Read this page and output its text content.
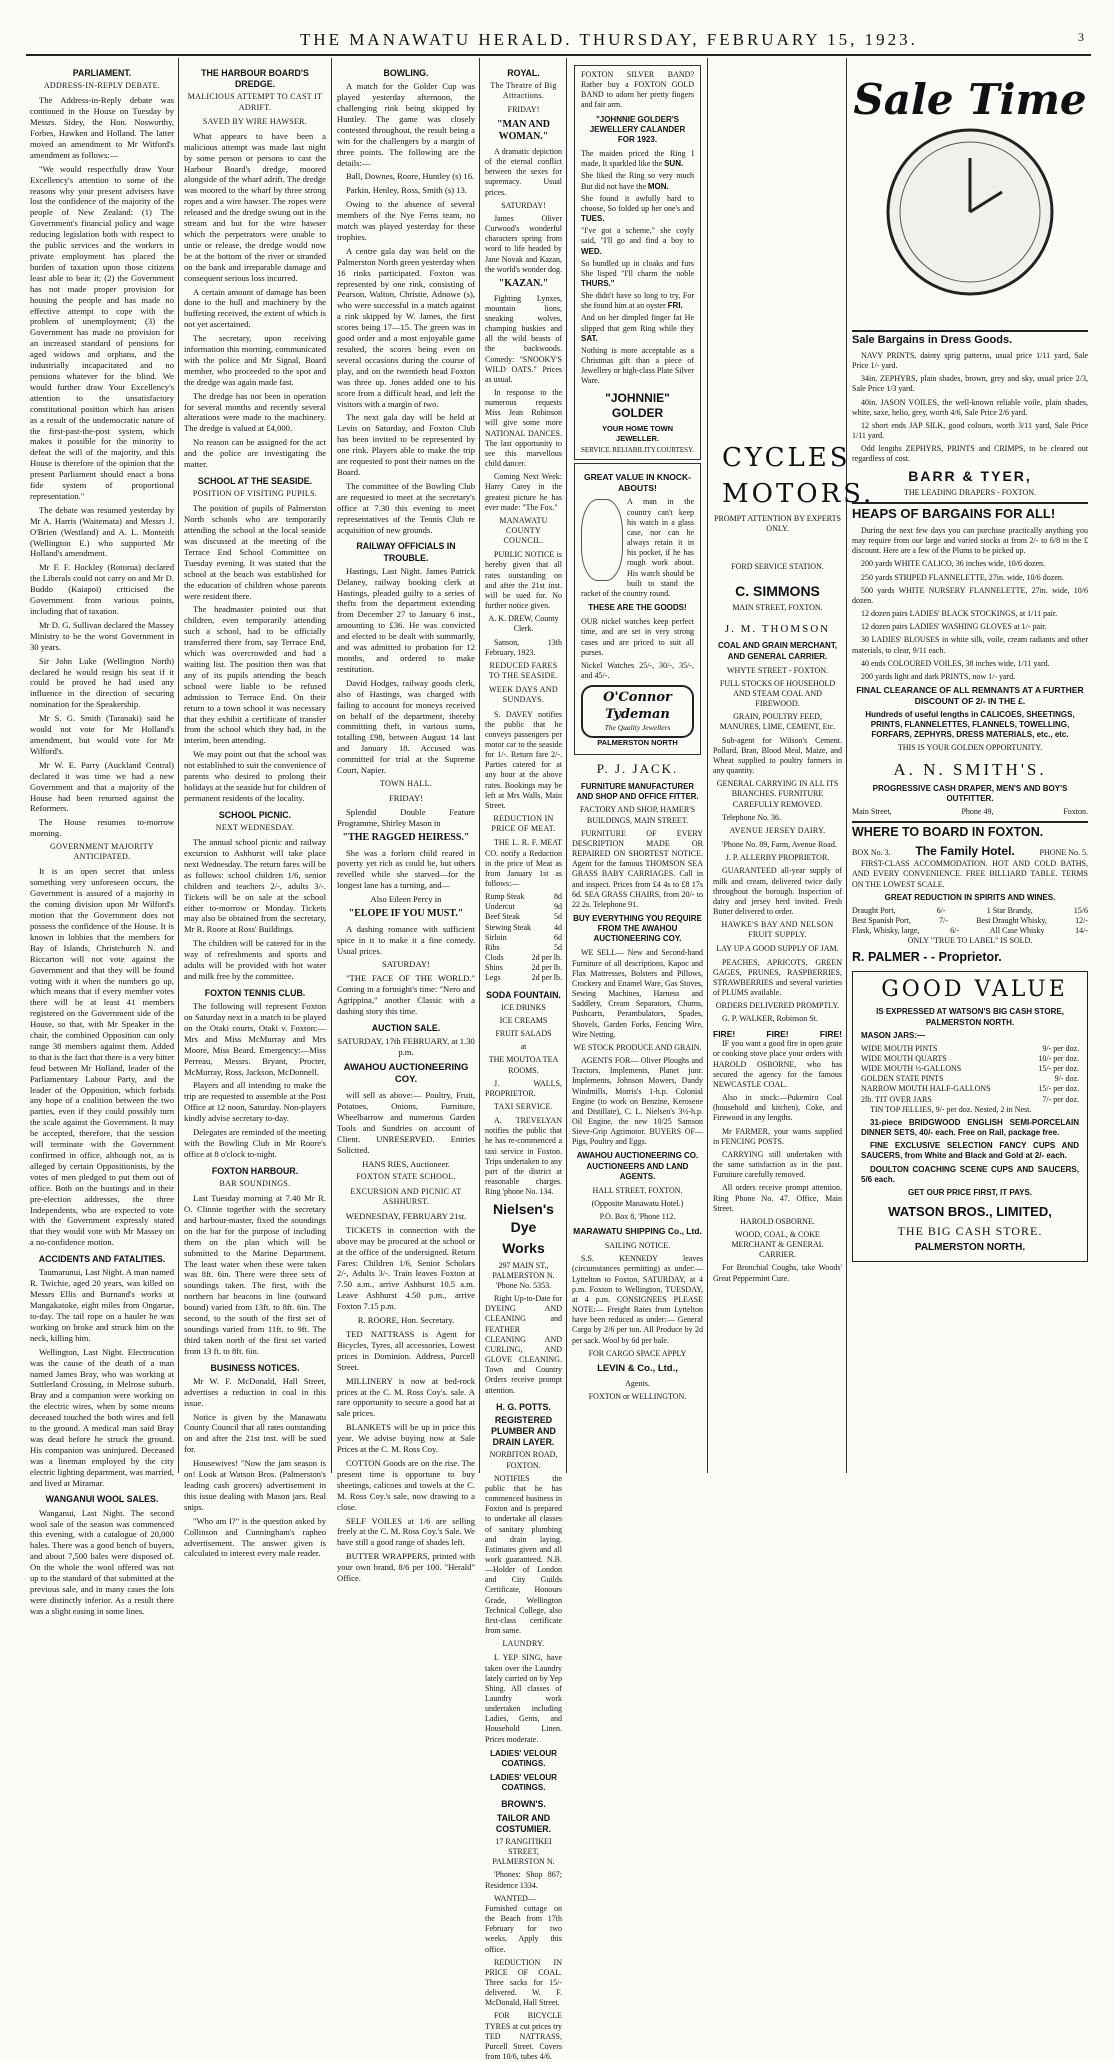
THE MANAWATU HERALD. THURSDAY, FEBRUARY 15, 1923.	3

PARLIAMENT.

ADDRESS-IN-REPLY DEBATE.

The Address-in-Reply debate was continued in the House on Tuesday by Messrs. Sidey, the Hon. Nosworthy, Forbes, Hawken and Holland. The latter moved an amendment to Mr Witford's amendment as follows:—

"We would respectfully draw Your Excellency's attention to some of the reasons why your present advisers have lost the confidence of the majority of the people of New Zealand: (1) The Government's financial policy and wage reducing legislation both with respect to the public services and the workers in private employment has placed the burden of taxation upon those citizens least able to bear it; (2) the Government has not made proper provision for housing the people and has made no effective attempt to cope with the problem of unemployment; (3) the Government has made no provision for an increased standard of pensions for aged widows and orphans, and the industrially incapacitated and no pensions whatever for the blind. We would further draw Your Excellency's attention to the unsatisfactory constitutional position which has arisen as a result of the undemocratic nature of the first-past-the-post system, which makes it possible for the minority to defeat the will of the majority, and this House is therefore of the opinion that the present Parliament should enact a bona fide system of proportional representation."

The debate was resumed yesterday by Mr A. Harris (Waitemata) and Messrs J. O'Brien (Westland) and A. L. Monteith (Wellington E.) who supported Mr Holland's amendment.

Mr F. F. Hockley (Rotorua) declared the Liberals could not carry on and Mr D. Buddo (Kaiapoi) criticised the Government from various points, including that of taxation.

Mr D. G. Sullivan declared the Massey Ministry to be the worst Government in 30 years.

Sir John Luke (Wellington North) declared he would resign his seat if it could be proved he had used any influence in the direction of securing nomination for the Speakership.

Mr S. G. Smith (Taranaki) said he would not vote for Mr Holland's amendment, but would vote for Mr Wilford's.

Mr W. E. Parry (Auckland Central) declared it was time we had a new Government and that a majority of the House had been returned against the Reformers.

The House resumes to-morrow morning.

GOVERNMENT MAJORITY ANTICIPATED.

It is an open secret that unless something very unforeseen occurs, the Government is assured of a majority in the coming division upon Mr Wilford's motion that the Government does not possess the confidence of the House. It is known in lobbies that the members for Bay of Islands, Christchurch N. and Riccarton will not vote against the Government and that they will be found voting with it when the numbers go up, which means that if every member votes there will be at least 41 members registered on the Government side of the House, so that, with Mr Speaker in the chair, the combined Opposition can only range 38 members against them. Added to that is the fact that there is a very bitter feud between Mr Holland, leader of the Parliamentary Labour Party, and the leader of the Opposition, which forbids any hope of a coalition between the two parties, even if they could possibly turn the scale against the Government. It may be accepted, therefore, that the session will terminate with the Government confirmed in office, although not, as is alleged by certain Oppositionists, by the votes of men pledged to put them out of office. Both on the hustings and in their pre-election addresses, the three Independents, who are expected to vote with the Government expressly stated that they would vote with Mr Massey on a no-confidence motion.

ACCIDENTS AND FATALITIES.

Taumarunui, Last Night. A man named R. Twichie, aged 20 years, was killed on Messrs Ellis and Burnand's works at Mangakatoke, eight miles from Ongarue, to-day. The tail rope on a hauler he was working on broke and struck him on the neck, killing him.

Wellington, Last Night. Electrocution was the cause of the death of a man named James Bray, who was working at Suttlerland Crossing, in Melrose suburb. Bray and a companion were working on the electric wires, when by some means deceased touched the both wires and fell to the ground. A medical man said Bray was dead before he struck the ground. His companion was uninjured. Deceased was a lineman employed by the city electric lighting department, was married, and lived at Miramar.

WANGANUI WOOL SALES.

Wanganui, Last Night. The second wool sale of the season was commenced this evening, with a catalogue of 20,000 bales. There was a good bench of buyers, and about 7,500 bales were disposed of. On the whole the wool offered was not up to the standard of that submitted at the previous sale, and in many cases the lots were distinctly inferior. As a result there was a slight easing in some lines.

THE HARBOUR BOARD'S DREDGE.

MALICIOUS ATTEMPT TO CAST IT ADRIFT.

SAVED BY WIRE HAWSER.

What appears to have been a malicious attempt was made last night by some person or persons to cast the Harbour Board's dredge, moored alongside of the wharf adrift. The dredge was moored to the wharf by three strong ropes and a wire hawser. The ropes were released and the dredge swung out in the stream and but for the wire hawser which the perpetrators were unable to untie or release, the dredge would now be at the bottom of the river or stranded on the bank and irreparable damage and consequent serious loss incurred.

A certain amount of damage has been done to the hull and machinery by the buffeting received, the extent of which is not yet ascertained.

The secretary, upon receiving information this morning, communicated with the police and Mr Signal, Board member, who proceeded to the spot and the dredge was again made fast.

The dredge has not been in operation for several months and recently several alterations were made to the machinery. The dredge is valued at £4,000.

No reason can be assigned for the act and the police are investigating the matter.

SCHOOL AT THE SEASIDE.

POSITION OF VISITING PUPILS.

The position of pupils of Palmerston North schools who are temporarily attending the school at the local seaside was discussed at the meeting of the Terrace End School Committee on Tuesday evening. It was stated that the school at the beach was established for the education of children whose parents were resident there.

The headmaster pointed out that children, even temporarily attending such a school, had to be officially transferred there from, say Terrace End, which was overcrowded and had a waiting list. The position then was that any of its pupils attending the beach school were liable to be refused admission to Terrace End. On their return to a town school it was necessary that they exhibit a certificate of transfer from the school which they had, in the interim, been attending.

We may point out that the school was not established to suit the convenience of parents who desired to prolong their holidays at the seaside but for children of permanent residents of the locality.

SCHOOL PICNIC.

NEXT WEDNESDAY.

The annual school picnic and railway excursion to Ashhurst will take place next Wednesday. The return fares will be as follows: school children 1/6, senior children and teachers 2/-, adults 3/-. Tickets will be on sale at the school either to-morrow or Monday. Tickets may also be obtained from the secretary, Mr R. Roore at Ross' Buildings.

The children will be catered for in the way of refreshments and sports and adults will be provided with hot water and milk free by the committee.

FOXTON TENNIS CLUB.

The following will represent Foxton on Saturday next in a match to be played on the Otaki courts, Otaki v. Foxton:—Mrs and Miss McMurray and Mrs Moore, Miss Beard. Emergency:—Miss Perreau, Messrs. Bryant, Procter, McMurray, Ross, Jackson, McDonnell.

Players and all intending to make the trip are requested to assemble at the Post Office at 12 noon, Saturday. Non-players kindly advise secretary to-day.

Delegates are reminded of the meeting with the Bowling Club in Mr Roore's office at 8 o'clock to-night.

FOXTON HARBOUR.

BAR SOUNDINGS.

Last Tuesday morning at 7.40 Mr R. O. Clinnie together with the secretary and harbour-master, fixed the soundings on the bar for the purpose of including them on the plan which will be submitted to the Marine Department. The least water when these were taken was 8ft. 6in. There were three sets of soundings taken. The first, with the northern bar beacons in line (outward bound) varied from 13ft. to 8ft. 6in. The second, to the south of the first set of soundings varied from 11ft. to 9ft. The third taken north of the first set varied from 13 ft. to 8ft. 6in.

BUSINESS NOTICES.

Mr W. F. McDonald, Hall Street, advertises a reduction in coal in this issue.

Notice is given by the Manawatu County Council that all rates outstanding on and after the 21st inst. will be sued for.

Housewives! "Now the jam season is on! Look at Watson Bros. (Palmerston's leading cash grocers) advertisement in this issue dealing with Mason jars. Real snips.

"Who am I?" is the question asked by Collinson and Cunningham's rapheo advertisement. The answer given is calculated to interest every male reader.

BOWLING.

A match for the Golder Cup was played yesterday afternoon, the challenging rink being skipped by Huntley. The game was closely contested throughout, the result being a win for the challengers by a margin of three points. The following are the details:—

Ball, Downes, Roore, Huntley (s) 16.

Parkin, Henley, Ross, Smith (s) 13.

Owing to the absence of several members of the Nye Ferns team, no match was played yesterday for these trophies.

A centre gala day was held on the Palmerston North green yesterday when 16 rinks participated. Foxton was represented by one rink, consisting of Pearson, Walton, Christie, Adnowe (s), who were successful in a match against a rink skipped by W. James, the first scores being 17—15. The green was in good order and a most enjoyable game resulted, the scores being even on several occasions during the course of play, and on the twentieth head Foxton was three up. Jones added one to his score from a difficult head, and left the visitors with a margin of two.

The next gala day will be held at Levin on Saturday, and Foxton Club has been invited to be represented by one rink. Players able to make the trip are requested to post their names on the Board.

The committee of the Bowling Club are requested to meet at the secretary's office at 7.30 this evening to meet representatives of the Tennis Club re acquisition of new grounds.

RAILWAY OFFICIALS IN TROUBLE.

Hastings, Last Night. James Patrick Delaney, railway booking clerk at Hastings, pleaded guilty to a series of thefts from the department extending from December 27 to January 6 inst., amounting to £36. He was convicted and elected to be dealt with summarily, and was admitted to probation for 12 months, and ordered to make restitution.

David Hodges, railway goods clerk, also of Hastings, was charged with failing to account for moneys received on behalf of the department, thereby committing theft, in various sums, totalling £98, between August 14 last and January 18. Accused was committed for trial at the Supreme Court, Napier.

TOWN HALL.

FRIDAY!

Splendid Double Feature Programme, Shirley Mason in

"THE RAGGED HEIRESS."

She was a forlorn child reared in poverty yet rich as could be, but others revelled while she starved—for the longest lane has a turning, and—

Also Eileen Percy in

"ELOPE IF YOU MUST."

A dashing romance with sufficient spice in it to make it a fine comedy. Usual prices.

SATURDAY!

"THE FACE OF THE WORLD." Coming in a fortnight's time: "Nero and Agrippina," another Classic with a dashing story this time.

AUCTION SALE.

SATURDAY, 17th FEBRUARY, at 1.30 p.m.

AWAHOU AUCTIONEERING COY.

will sell as above:— Poultry, Fruit, Potatoes, Onions, Furniture, Wheelbarrow and numerous Garden Tools and Sundries on account of Client. UNRESERVED. Entries Solicited.

HANS RIES, Auctioneer.

FOXTON STATE SCHOOL.

EXCURSION AND PICNIC AT ASHHURST.

WEDNESDAY, FEBRUARY 21st.

TICKETS in connection with the above may be procured at the school or at the office of the undersigned. Return Fares: Children 1/6, Senior Scholars 2/-, Adults 3/-. Train leaves Foxton at 7.50 a.m., arrive Ashhurst 10.5 a.m. Leave Ashhurst 4.50 p.m., arrive Foxton 7.15 p.m.

R. ROORE, Hon. Secretary.

TED NATTRASS is Agent for Bicycles, Tyres, all accessories, Lowest prices in Dominion. Address, Purcell Street.

MILLINERY is now at bed-rock prices at the C. M. Ross Coy's. sale. A rare opportunity to secure a good hat at sale prices.

BLANKETS will be up in price this year. We advise buying now at Sale Prices at the C. M. Ross Coy.

COTTON Goods are on the rise. The present time is opportune to buy sheetings, calicoes and towels at the C. M. Ross Coy.'s sale, now drawing to a close.

SELF VOILES at 1/6 are selling freely at the C. M. Ross Coy.'s Sale. We have still a good range of shades left.

BUTTER WRAPPERS, printed with your own brand, 8/6 per 100. "Herald" Office.

ROYAL.

The Theatre of Big Attractions.

FRIDAY!

"MAN AND WOMAN."

A dramatic depiction of the eternal conflict between the sexes for supremacy. Usual prices.

SATURDAY!

James Oliver Curwood's wonderful characters spring from word to life headed by Jane Novak and Kazan, the world's wonder dog.

"KAZAN."

Fighting Lynxes, mountain lions, sneaking wolves, champing huskies and all the wild beasts of the backwoods. Comedy: "SNOOKY'S WILD OATS." Prices as usual.

In response to the numerous requests Miss Jean Robinson will give some more NATIONAL DANCES. The last opportunity to see this marvellous child dancer.

Coming Next Week: Harry Carey in the greatest picture he has ever made: "The Fox."

MANAWATU COUNTY COUNCIL.

PUBLIC NOTICE is hereby given that all rates outstanding on and after the 21st inst. will be sued for. No further notice given.

A. K. DREW, County Clerk.

Sanson, 13th February, 1923.

REDUCED FARES TO THE SEASIDE.

WEEK DAYS AND SUNDAYS.

S. DAVEY notifies the public that he conveys passengers per motor car to the seaside for 1/-. Return fare 2/-. Parties catered for at any hour at the above rates. Bookings may be left at Mrs Walls, Main Street.

REDUCTION IN PRICE OF MEAT.

THE L. R. F. MEAT CO. notify a Reduction in the price of Meat as from January 1st as follows:—

Rump Steak	8d
Undercut	9d
Beef Steak	5d
Stewing Steak	4d
Sirloin	6d
Ribs	5d
Clods	2d per lb.
Shins	2d per lb.
Legs	2d per lb.

SODA FOUNTAIN.

ICE DRINKS

ICE CREAMS

FRUIT SALADS

at

THE MOUTOA TEA ROOMS.

J. WALLS, PROPRIETOR.

TAXI SERVICE.

A. TREVELYAN notifies the public that he has re-commenced a taxi service in Foxton. Trips undertaken to any part of the district at reasonable charges. Ring 'phone No. 134.

Nielsen's Dye

Works

297 MAIN ST., PALMERSTON N. 'Phone No. 5353.

Right Up-to-Date for DYEING AND CLEANING and FEATHER CLEANING AND CURLING, AND GLOVE CLEANING. Town and Country Orders receive prompt attention.

H. G. POTTS.

REGISTERED PLUMBER AND DRAIN LAYER.

NORBITON ROAD, FOXTON.

NOTIFIES the public that he has commenced business in Foxton and is prepared to undertake all classes of sanitary plumbing and drain laying. Estimates given and all work guaranteed. N.B.—Holder of London and City Guilds Certificate, Honours Grade, Wellington Technical College, also first-class certificate from same.

LAUNDRY.

L YEP SING, have taken over the Laundry lately carried on by Yep Shing. All classes of Laundry work undertaken including Ladies, Gents, and Household Linen. Prices moderate.

LADIES' VELOUR COATINGS.

LADIES' VELOUR COATINGS.

BROWN'S.

TAILOR AND COSTUMIER.

17 RANGITIKEI STREET, PALMERSTON N.

'Phones: Shop 867; Residence 1334.

WANTED—Furnished cottage on the Beach from 17th February for two weeks. Apply this office.

REDUCTION IN PRICE OF COAL. Three sacks for 15/- delivered. W. F. McDonald, Hall Street.

FOR BICYCLE TYRES at cut prices try TED NATTRASS, Purcell Street. Covers from 10/6, tubes 4/6.

FOXTON SILVER BAND? Rather buy a FOXTON GOLD BAND to adorn her pretty fingers and fair arm.

"JOHNNIE GOLDER'S JEWELLERY CALANDER FOR 1923.

The maiden priced the Ring I made, It sparkled like the SUN.
She liked the Ring so very much But did not have the MON.
She found it awfully hard to choose, So folded up her one's and TUES.
"I've got a scheme," she coyly said, "I'll go and find a boy to WED.
So bundled up in cloaks and furs She lisped "I'll charm the noble THURS."
She didn't have so long to try, For she found him at an oyster FRI.
And on her dimpled finger fat He slipped that gem Ring while they SAT.

Nothing is more acceptable as a Christmas gift than a piece of Jewellery or high-class Plate Silver Ware.

"JOHNNIE" GOLDER

YOUR HOME TOWN JEWELLER.

SERVICE. RELIABILITY COURTESY.

GREAT VALUE IN KNOCK-ABOUTS!

A man in the country can't keep his watch in a glass case, nor can he always retain it in his pocket, if he has rough work about. His watch should be built to stand the racket of the country round.

THESE ARE THE GOODS!

OUR nickel watches keep perfect time, and are set in very strong cases and are priced to suit all purses.

Nickel Watches 25/-, 30/-, 35/-, and 45/-.

O'Connor Tydeman
The Quality Jewellers

PALMERSTON NORTH

P. J. JACK.

FURNITURE MANUFACTURER AND SHOP AND OFFICE FITTER.

FACTORY AND SHOP, HAMER'S BUILDINGS, MAIN STREET.

FURNITURE OF EVERY DESCRIPTION MADE OR REPAIRED ON SHORTEST NOTICE. Agent for the famous THOMSON SEA GRASS BABY CARRIAGES. Call in and inspect. Prices from £4 4s to £8 17s 6d. SEA GRASS CHAIRS, from 20/- to 22 2s. Telephone 91.

BUY EVERYTHING YOU REQUIRE FROM THE AWAHOU AUCTIONEERING COY.

WE SELL— New and Second-hand Furniture of all descriptions, Kapoc and Flax Mattresses, Bolsters and Pillows, Crockery and Enamel Ware, Gas Stoves, Sewing Machines, Harness and Saddlery, Cream Separators, Churns, Pushcarts, Perambulators, Spades, Shovels, Garden Forks, Fencing Wire, Wire Netting.

WE STOCK PRODUCE AND GRAIN.

AGENTS FOR— Oliver Ploughs and Tractors, Implements, Planet junr. Implements, Johnson Mowers, Dandy Windmills, Morris's 1-h.p. Colonial Engine (to work on Benzine, Kerosene and Distillate), C. L. Nielsen's 3½-h.p. Oil Engine, the new 10/25 Samson Sieve-Grip Agrimotor. BUYERS OF— Pigs, Poultry and Eggs.

AWAHOU AUCTIONEERING CO. AUCTIONEERS AND LAND AGENTS.

HALL STREET, FOXTON.

(Opposite Manawatu Hotel.)

P.O. Box 8, 'Phone 112.

MARAWATU SHIPPING Co., Ltd.

SAILING NOTICE.

S.S. KENNEDY leaves (circumstances permitting) as under:— Lyttelton to Foxton, SATURDAY, at 4 p.m. Foxton to Wellington, TUESDAY, at 4 p.m. CONSIGNEES PLEASE NOTE:— Freight Rates from Lyttelton have been reduced as under:— General Cargo by 2/6 per ton. All Produce by 2d per sack. Wool by 6d per bale.

FOR CARGO SPACE APPLY

LEVIN & Co., Ltd.,

Agents.

FOXTON or WELLINGTON.

CYCLES

MOTORS.

PROMPT ATTENTION BY EXPERTS ONLY.

FORD SERVICE STATION.

C. SIMMONS

MAIN STREET, FOXTON.

J. M. THOMSON

COAL AND GRAIN MERCHANT, AND GENERAL CARRIER.

WHYTE STREET - FOXTON.

FULL STOCKS OF HOUSEHOLD AND STEAM COAL AND FIREWOOD.

GRAIN, POULTRY FEED, MANURES, LIME, CEMENT, Etc.

Sub-agent for Wilson's Cement. Pollard, Bran, Blood Meal, Maize, and Wheat supplied to poultry farmers in any quantity.

GENERAL CARRYING IN ALL ITS BRANCHES. FURNITURE CAREFULLY REMOVED.

Telephone No. 36.

AVENUE JERSEY DAIRY.

'Phone No. 89, Farm, Avenue Road.

J. P. ALLERBY PROPRIETOR.

GUARANTEED all-year supply of milk and cream, delivered twice daily throughout the borough. Inspection of dairy and jersey herd invited. Fresh Butter delivered to order.

HAWKE'S BAY AND NELSON FRUIT SUPPLY.

LAY UP A GOOD SUPPLY OF JAM.

PEACHES, APRICOTS, GREEN GAGES, PRUNES, RASPBERRIES, STRAWBERRIES and several varieties of PLUMS available.

ORDERS DELIVERED PROMPTLY.

G. P. WALKER, Robinson St.

FIRE!	FIRE!	FIRE!

IF you want a good fire in open grate or cooking stove place your orders with HAROLD OSBORNE, who has secured the agency for the famous NEWCASTLE COAL.

Also in stock:—Pukemiro Coal (household and kitchen), Coke, and Firewood in any lengths.

Mr FARMER, your wants supplied in FENCING POSTS.

CARRYING still undertaken with the same satisfaction as in the past. Furniture carefully removed.

All orders receive prompt attention. Ring Phone No. 47. Office, Main Street.

HAROLD OSBORNE.

WOOD, COAL, & COKE MERCHANT & GENERAL CARRIER.

For Bronchial Coughs, take Woods' Great Peppermint Cure.

Sale Time

Sale Bargains in Dress Goods.

NAVY PRINTS, dainty sprig patterns, usual price 1/11 yard, Sale Price 1/- yard.

34in. ZEPHYRS, plain shades, brown, grey and sky, usual price 2/3, Sale Price 1/3 yard.

40in. JASON VOILES, the well-known reliable voile, plain shades, white, saxe, helio, grey, worth 4/6, Sale Price 2/6 yard.

12 short ends JAP SILK, good colours, worth 3/11 yard, Sale Price 1/11 yard.

Odd lengths ZEPHYRS, PRINTS and CRIMPS, to be cleared out regardless of cost.

BARR & TYER,

THE LEADING DRAPERS - FOXTON.

HEAPS OF BARGAINS FOR ALL!

During the next few days you can purchase practically anything you may require from our large and varied stocks at from 2/- to 6/8 in the £ discount. Here are a few of the Plums to be picked up.

200 yards WHITE CALICO, 36 inches wide, 10/6 dozen.

250 yards STRIPED FLANNELETTE, 27in. wide, 10/6 dozen.

500 yards WHITE NURSERY FLANNELETTE, 27in. wide, 10/6 dozen.

12 dozen pairs LADIES' BLACK STOCKINGS, at 1/11 pair.

12 dozen pairs LADIES' WASHING GLOVES at 1/- pair.

30 LADIES' BLOUSES in white silk, voile, cream radiants and other materials, to clear, 9/11 each.

40 ends COLOURED VOILES, 38 inches wide, 1/11 yard.

200 yards light and dark PRINTS, now 1/- yard.

FINAL CLEARANCE OF ALL REMNANTS AT A FURTHER DISCOUNT OF 2/- IN THE £.

Hundreds of useful lengths in CALICOES, SHEETINGS, PRINTS, FLANNELETTES, FLANNELS, TOWELLING, FORFARS, ZEPHYRS, DRESS MATERIALS, etc., etc.

THIS IS YOUR GOLDEN OPPORTUNITY.

A. N. SMITH'S.

PROGRESSIVE CASH DRAPER, MEN'S AND BOY'S OUTFITTER.

Main Street,	Phone 49,	Foxton.

WHERE TO BOARD IN FOXTON.

BOX No. 3. The Family Hotel.	PHONE No. 5.

FIRST-CLASS ACCOMMODATION. HOT AND COLD BATHS, AND EVERY CONVENIENCE. FREE BILLIARD TABLE. TERMS ON THE LOWEST SCALE.

GREAT REDUCTION IN SPIRITS AND WINES.

Draught Port,	6/-	1 Star Brandy,	15/6
Best Spanish Port,	7/-	Best Draught Whisky,	12/-
Flask, Whisky, large,	6/-	All Case Whisky	14/-

ONLY "TRUE TO LABEL" IS SOLD.

R. PALMER - - Proprietor.

GOOD VALUE

IS EXPRESSED AT WATSON'S BIG CASH STORE, PALMERSTON NORTH.

MASON JARS:—

WIDE MOUTH PINTS	9/- per doz.
WIDE MOUTH QUARTS	10/- per doz.
WIDE MOUTH ½-GALLONS	15/- per doz.
GOLDEN STATE PINTS	9/- doz.
NARROW MOUTH HALF-GALLONS	15/- per doz.
2lb. TIT OVER JARS	7/- per doz.

TIN TOP JELLIES, 9/- per doz. Nested, 2 in Nest.

31-piece BRIDGWOOD ENGLISH SEMI-PORCELAIN DINNER SETS, 40/- each. Free on Rail, package free.

FINE EXCLUSIVE SELECTION FANCY CUPS AND SAUCERS, from White and Black and Gold at 2/- each.

DOULTON COACHING SCENE CUPS AND SAUCERS, 5/6 each.

GET OUR PRICE FIRST, IT PAYS.

WATSON BROS., LIMITED,

THE BIG CASH STORE.

PALMERSTON NORTH.
